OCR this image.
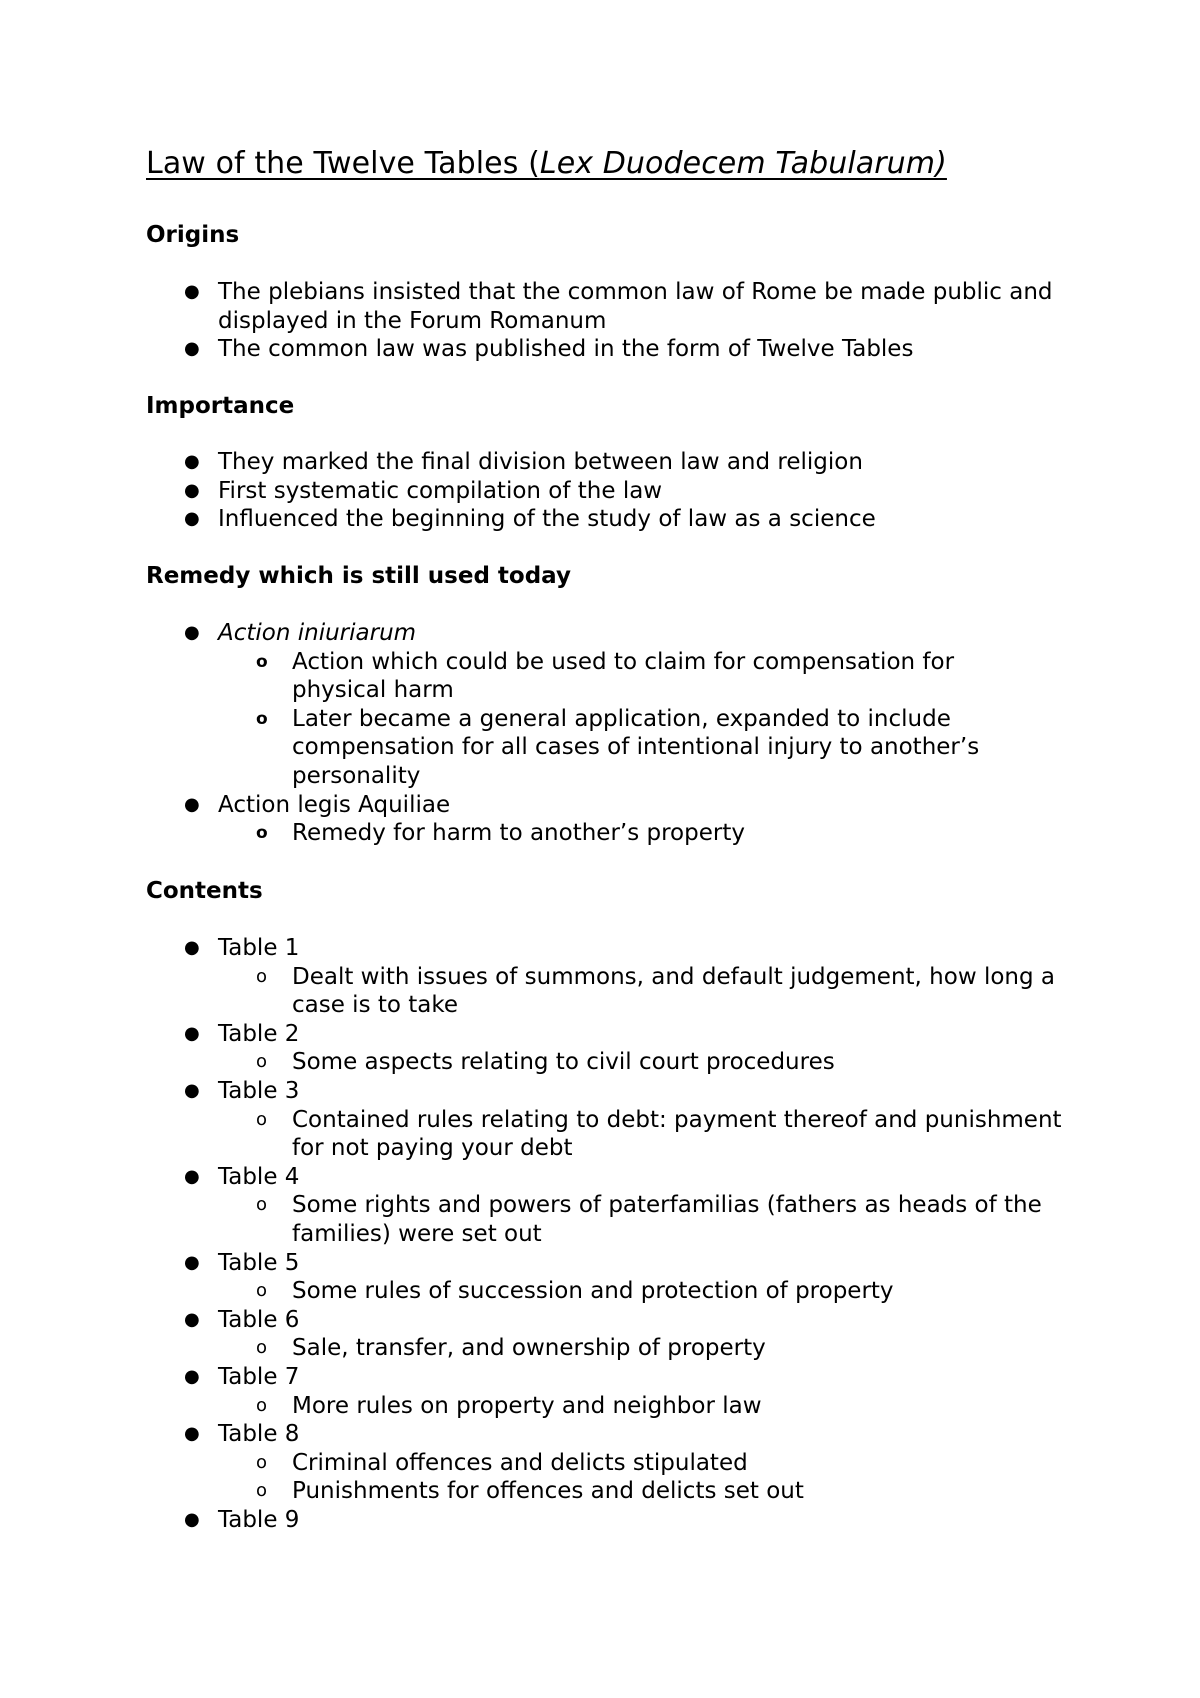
Law of the Twelve Tables (Lex Duodecem Tabularum)
Origins
● The plebians insisted that the common law of Rome be made public and displayed in the Forum Romanum
● The common law was published in the form of Twelve Tables
Importance
● They marked the final division between law and religion
● First systematic compilation of the law
● Influenced the beginning of the study of law as a science
Remedy which is still used today
● Action iniuriarum
o Action which could be used to claim for compensation for physical harm
o Later became a general application, expanded to include compensation for all cases of intentional injury to another’s personality
● Action legis Aquiliae
o Remedy for harm to another’s property
Contents
● Table 1
o Dealt with issues of summons, and default judgement, how long a case is to take
● Table 2
o Some aspects relating to civil court procedures
● Table 3
o Contained rules relating to debt: payment thereof and punishment for not paying your debt
● Table 4
o Some rights and powers of paterfamilias (fathers as heads of the families) were set out
● Table 5
o Some rules of succession and protection of property
● Table 6
o Sale, transfer, and ownership of property
● Table 7
o More rules on property and neighbor law
● Table 8
o Criminal offences and delicts stipulated
o Punishments for offences and delicts set out
● Table 9
